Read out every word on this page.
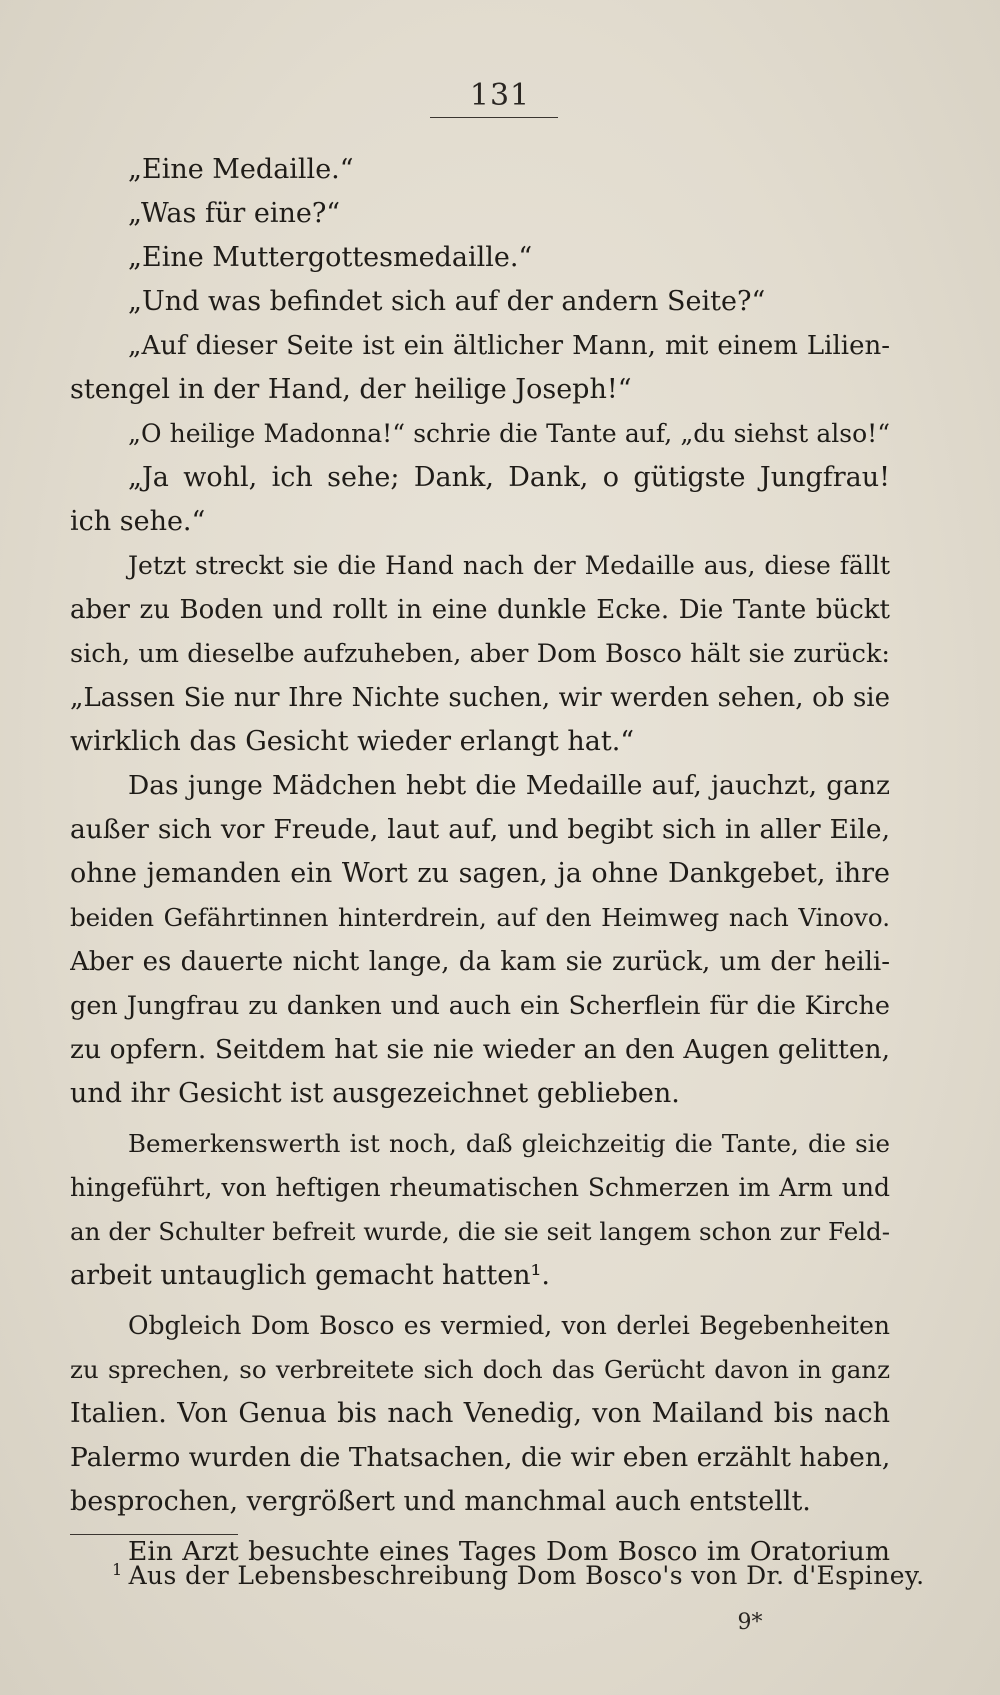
131
„Eine Medaille.“
„Was für eine?“
„Eine Muttergottesmedaille.“
„Und was befindet sich auf der andern Seite?“
„Auf dieser Seite ist ein ältlicher Mann, mit einem Lilien-
stengel in der Hand, der heilige Joseph!“
„O heilige Madonna!“ schrie die Tante auf, „du siehst also!“
„Ja wohl, ich sehe; Dank, Dank, o gütigste Jungfrau!
ich sehe.“
Jetzt streckt sie die Hand nach der Medaille aus, diese fällt
aber zu Boden und rollt in eine dunkle Ecke. Die Tante bückt
sich, um dieselbe aufzuheben, aber Dom Bosco hält sie zurück:
„Lassen Sie nur Ihre Nichte suchen, wir werden sehen, ob sie
wirklich das Gesicht wieder erlangt hat.“
Das junge Mädchen hebt die Medaille auf, jauchzt, ganz
außer sich vor Freude, laut auf, und begibt sich in aller Eile,
ohne jemanden ein Wort zu sagen, ja ohne Dankgebet, ihre
beiden Gefährtinnen hinterdrein, auf den Heimweg nach Vinovo.
Aber es dauerte nicht lange, da kam sie zurück, um der heili-
gen Jungfrau zu danken und auch ein Scherflein für die Kirche
zu opfern. Seitdem hat sie nie wieder an den Augen gelitten,
und ihr Gesicht ist ausgezeichnet geblieben.
Bemerkenswerth ist noch, daß gleichzeitig die Tante, die sie
hingeführt, von heftigen rheumatischen Schmerzen im Arm und
an der Schulter befreit wurde, die sie seit langem schon zur Feld-
arbeit untauglich gemacht hatten¹.
Obgleich Dom Bosco es vermied, von derlei Begebenheiten
zu sprechen, so verbreitete sich doch das Gerücht davon in ganz
Italien. Von Genua bis nach Venedig, von Mailand bis nach
Palermo wurden die Thatsachen, die wir eben erzählt haben,
besprochen, vergrößert und manchmal auch entstellt.
Ein Arzt besuchte eines Tages Dom Bosco im Oratorium
$^1$ Aus der Lebensbeschreibung Dom Bosco's von Dr. d'Espiney.
9*
